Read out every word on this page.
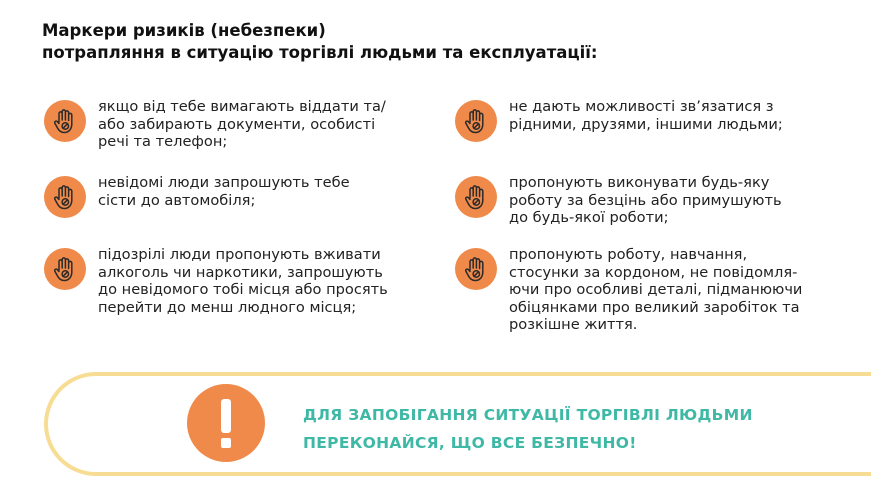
Маркери ризиків (небезпеки)
потрапляння в ситуацію торгівлі людьми та експлуатації:
якщо від тебе вимагають віддати та/
або забирають документи, особисті
речі та телефон;
невідомі люди запрошують тебе
сісти до автомобіля;
підозрілі люди пропонують вживати
алкоголь чи наркотики, запрошують
до невідомого тобі місця або просять
перейти до менш людного місця;
не дають можливості зв’язатися з
рідними, друзями, іншими людьми;
пропонують виконувати будь-яку
роботу за безцінь або примушують
до будь-якої роботи;
пропонують роботу, навчання,
стосунки за кордоном, не повідомля-
ючи про особливі деталі, підманюючи
обіцянками про великий заробіток та
розкішне життя.
ДЛЯ ЗАПОБІГАННЯ СИТУАЦІЇ ТОРГІВЛІ ЛЮДЬМИ
ПЕРЕКОНАЙСЯ, ЩО ВСЕ БЕЗПЕЧНО!
